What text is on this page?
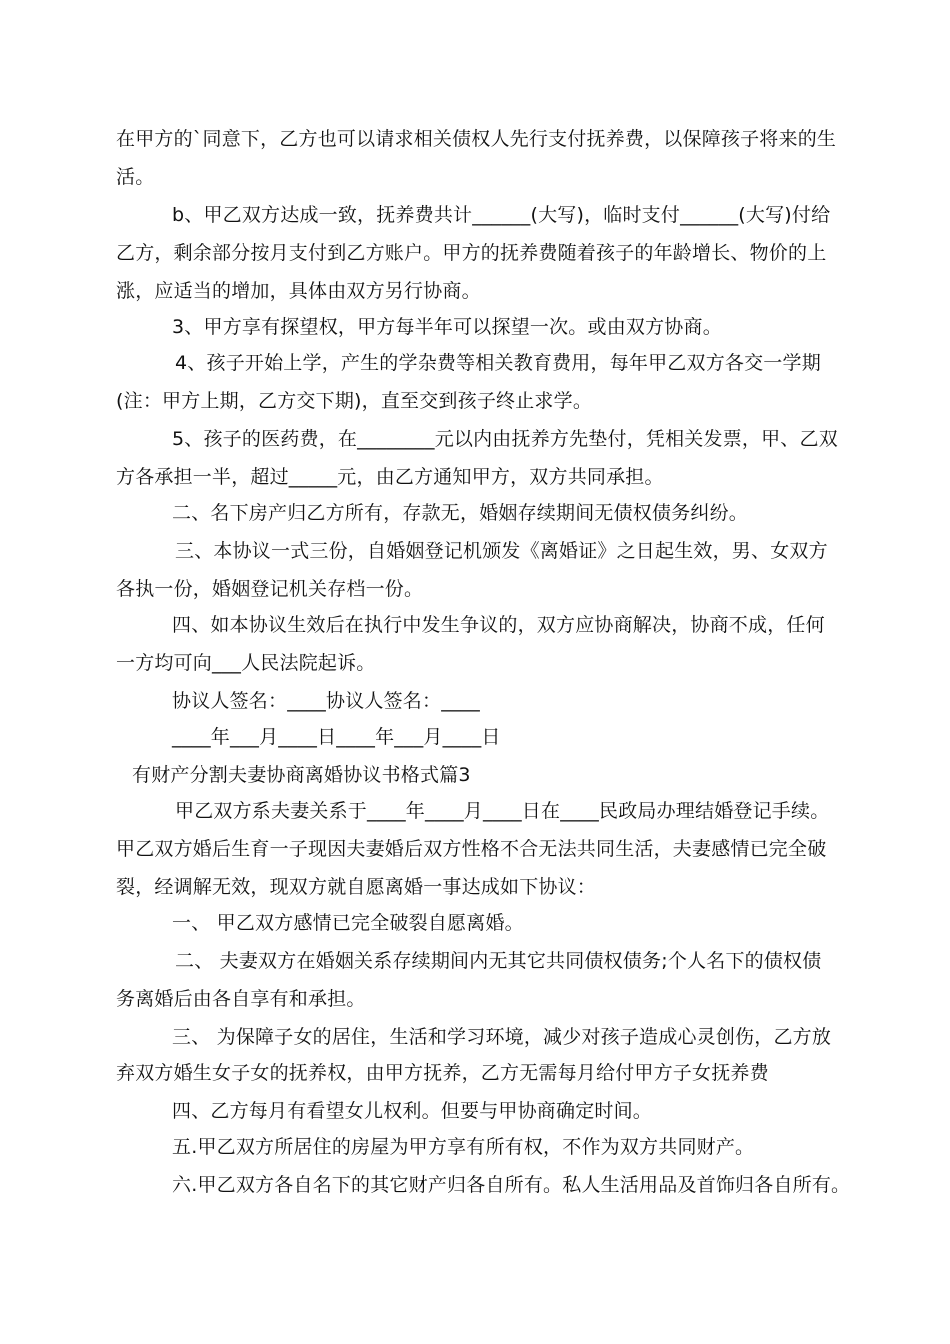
在甲方的`同意下，乙方也可以请求相关债权人先行支付抚养费，以保障孩子将来的生
活。
b、甲乙双方达成一致，抚养费共计______(大写)，临时支付______(大写)付给
乙方，剩余部分按月支付到乙方账户。甲方的抚养费随着孩子的年龄增长、物价的上
涨，应适当的增加，具体由双方另行协商。
3、甲方享有探望权，甲方每半年可以探望一次。或由双方协商。
4、孩子开始上学，产生的学杂费等相关教育费用，每年甲乙双方各交一学期
(注：甲方上期，乙方交下期)，直至交到孩子终止求学。
5、孩子的医药费，在________元以内由抚养方先垫付，凭相关发票，甲、乙双
方各承担一半，超过_____元，由乙方通知甲方，双方共同承担。
二、名下房产归乙方所有，存款无，婚姻存续期间无债权债务纠纷。
三、本协议一式三份，自婚姻登记机颁发《离婚证》之日起生效，男、女双方
各执一份，婚姻登记机关存档一份。
四、如本协议生效后在执行中发生争议的，双方应协商解决，协商不成，任何
一方均可向___人民法院起诉。
协议人签名：____协议人签名：____
____年___月____日____年___月____日
有财产分割夫妻协商离婚协议书格式篇3
甲乙双方系夫妻关系于____年____月____日在____民政局办理结婚登记手续。
甲乙双方婚后生育一子现因夫妻婚后双方性格不合无法共同生活，夫妻感情已完全破
裂，经调解无效，现双方就自愿离婚一事达成如下协议：
一、 甲乙双方感情已完全破裂自愿离婚。
二、 夫妻双方在婚姻关系存续期间内无其它共同债权债务;个人名下的债权债
务离婚后由各自享有和承担。
三、 为保障子女的居住，生活和学习环境，减少对孩子造成心灵创伤，乙方放
弃双方婚生女子女的抚养权，由甲方抚养，乙方无需每月给付甲方子女抚养费
四、乙方每月有看望女儿权利。但要与甲协商确定时间。
五.甲乙双方所居住的房屋为甲方享有所有权，不作为双方共同财产。
六.甲乙双方各自名下的其它财产归各自所有。私人生活用品及首饰归各自所有。
